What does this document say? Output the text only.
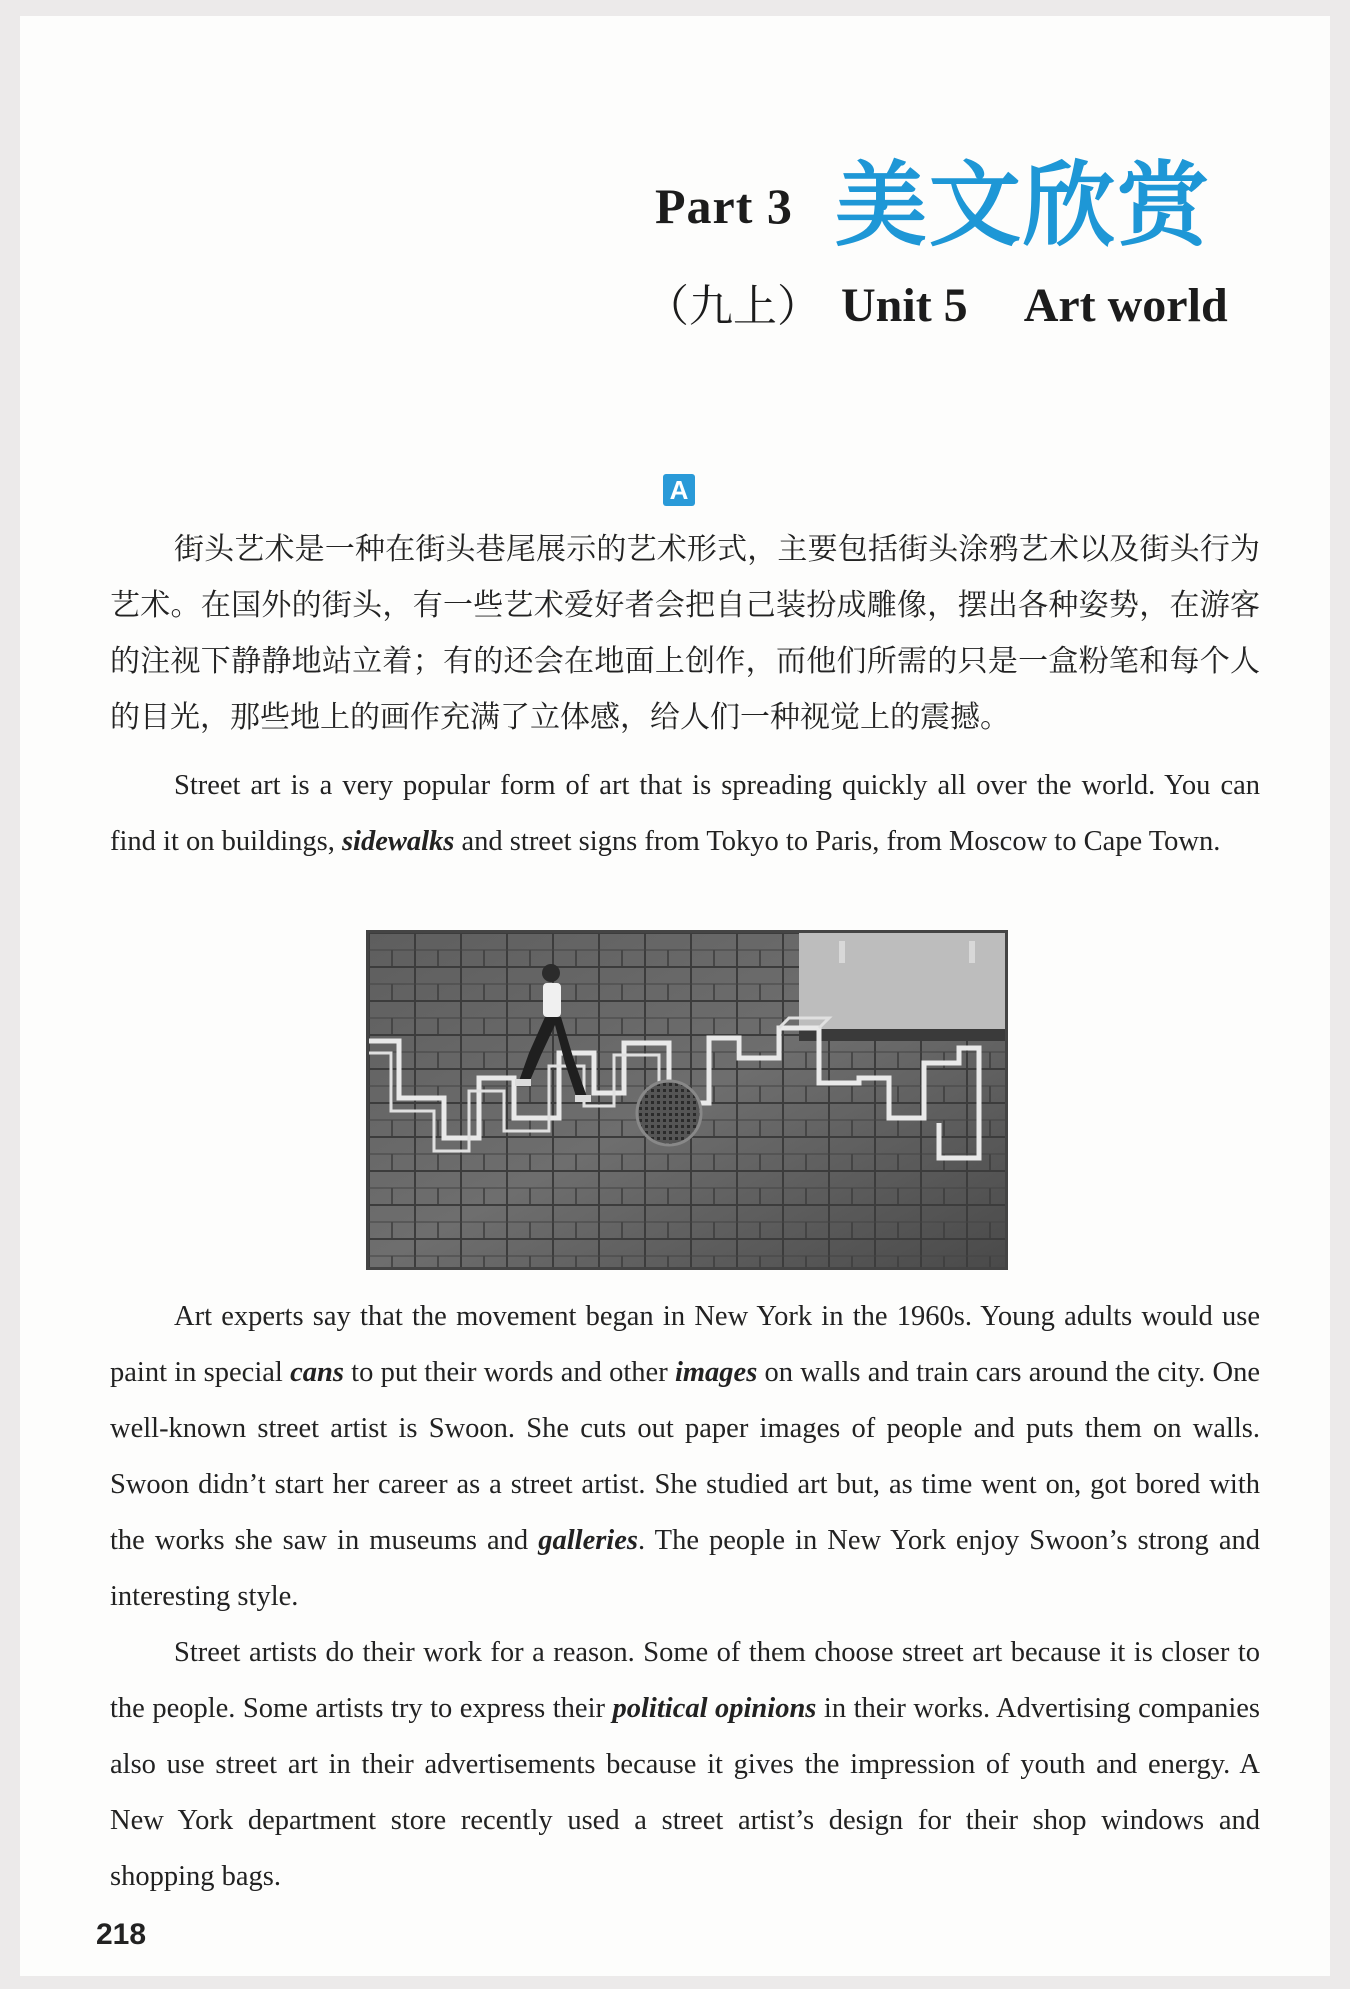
Part 3 美文欣赏
（九上） Unit 5 Art world
A

街头艺术是一种在街头巷尾展示的艺术形式，主要包括街头涂鸦艺术以及街头行为艺术。在国外的街头，有一些艺术爱好者会把自己装扮成雕像，摆出各种姿势，在游客的注视下静静地站立着；有的还会在地面上创作，而他们所需的只是一盒粉笔和每个人的目光，那些地上的画作充满了立体感，给人们一种视觉上的震撼。

Street art is a very popular form of art that is spreading quickly all over the world. You can find it on buildings, sidewalks and street signs from Tokyo to Paris, from Moscow to Cape Town.

Art experts say that the movement began in New York in the 1960s. Young adults would use paint in special cans to put their words and other images on walls and train cars around the city. One well-known street artist is Swoon. She cuts out paper images of people and puts them on walls. Swoon didn’t start her career as a street artist. She studied art but, as time went on, got bored with the works she saw in museums and galleries. The people in New York enjoy Swoon’s strong and interesting style.

Street artists do their work for a reason. Some of them choose street art because it is closer to the people. Some artists try to express their political opinions in their works. Advertising companies also use street art in their advertisements because it gives the impression of youth and energy. A New York department store recently used a street artist’s design for their shop windows and shopping bags.

218
